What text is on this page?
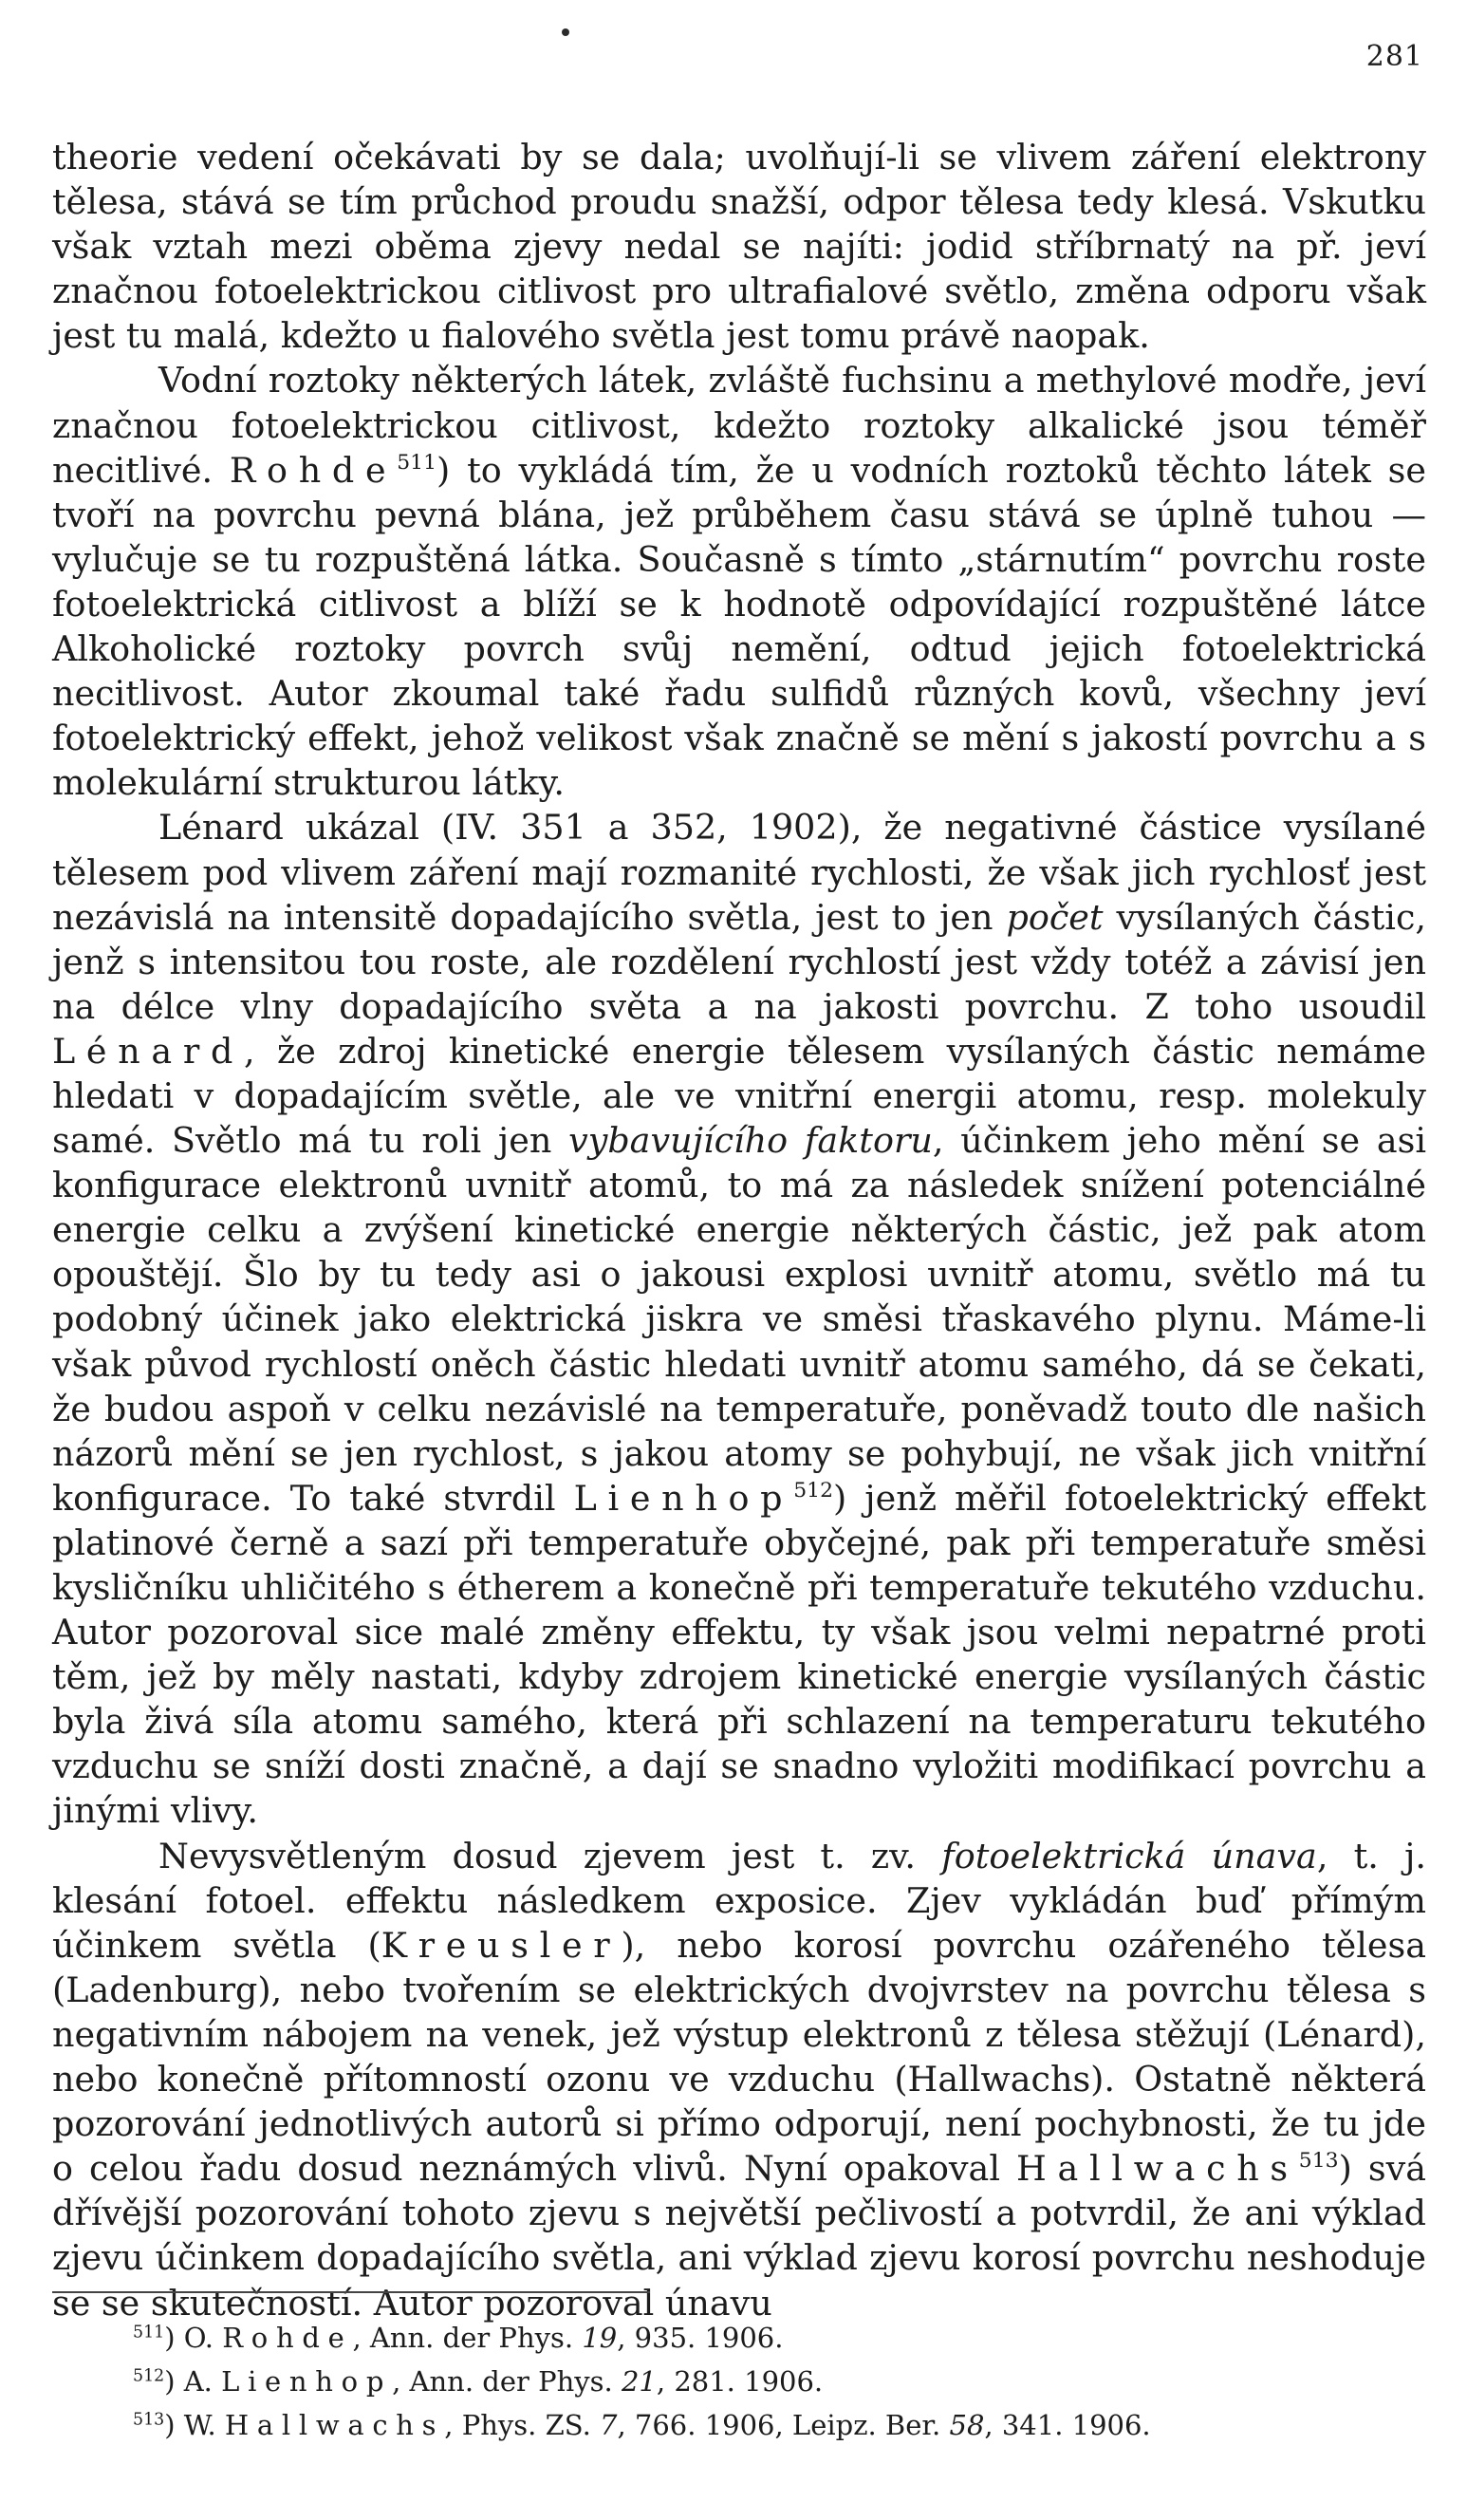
281

theorie vedení očekávati by se dala; uvolňují-li se vlivem záření elektrony tělesa, stává se tím průchod proudu snažší, odpor tělesa tedy klesá. Vskutku však vztah mezi oběma zjevy nedal se najíti: jodid stříbrnatý na př. jeví značnou fotoelektrickou citlivost pro ultrafialové světlo, změna odporu však jest tu malá, kdežto u fialového světla jest tomu právě naopak.

Vodní roztoky některých látek, zvláště fuchsinu a methylové modře, jeví značnou fotoelektrickou citlivost, kdežto roztoky alkalické jsou téměř necitlivé. Rohde$^{511}$) to vykládá tím, že u vodních roztoků těchto látek se tvoří na povrchu pevná blána, jež průběhem času stává se úplně tuhou — vylučuje se tu rozpuštěná látka. Současně s tímto „stárnutím“ povrchu roste fotoelektrická citlivost a blíží se k hodnotě odpovídající rozpuštěné látce Alkoholické roztoky povrch svůj nemění, odtud jejich fotoelektrická necitlivost. Autor zkoumal také řadu sulfidů různých kovů, všechny jeví fotoelektrický effekt, jehož velikost však značně se mění s jakostí povrchu a s molekulární strukturou látky.

Lénard ukázal (IV. 351 a 352, 1902), že negativné částice vysílané tělesem pod vlivem záření mají rozmanité rychlosti, že však jich rychlosť jest nezávislá na intensitě dopadajícího světla, jest to jen počet vysílaných částic, jenž s intensitou tou roste, ale rozdělení rychlostí jest vždy totéž a závisí jen na délce vlny dopadajícího světa a na jakosti povrchu. Z toho usoudil Lénard, že zdroj kinetické energie tělesem vysílaných částic nemáme hledati v dopadajícím světle, ale ve vnitřní energii atomu, resp. molekuly samé. Světlo má tu roli jen vybavujícího faktoru, účinkem jeho mění se asi konfigurace elektronů uvnitř atomů, to má za následek snížení potenciálné energie celku a zvýšení kinetické energie některých částic, jež pak atom opouštějí. Šlo by tu tedy asi o jakousi explosi uvnitř atomu, světlo má tu podobný účinek jako elektrická jiskra ve směsi třaskavého plynu. Máme-li však původ rychlostí oněch částic hledati uvnitř atomu samého, dá se čekati, že budou aspoň v celku nezávislé na temperatuře, poněvadž touto dle našich názorů mění se jen rychlost, s jakou atomy se pohybují, ne však jich vnitřní konfigurace. To také stvrdil Lienhop$^{512}$) jenž měřil fotoelektrický effekt platinové černě a sazí při temperatuře obyčejné, pak při temperatuře směsi kysličníku uhličitého s étherem a konečně při temperatuře tekutého vzduchu. Autor pozoroval sice malé změny effektu, ty však jsou velmi nepatrné proti těm, jež by měly nastati, kdyby zdrojem kinetické energie vysílaných částic byla živá síla atomu samého, která při schlazení na temperaturu tekutého vzduchu se sníží dosti značně, a dají se snadno vyložiti modifikací povrchu a jinými vlivy.

Nevysvětleným dosud zjevem jest t. zv. fotoelektrická únava, t. j. klesání fotoel. effektu následkem exposice. Zjev vykládán buď přímým účinkem světla (Kreusler), nebo korosí povrchu ozářeného tělesa (Ladenburg), nebo tvořením se elektrických dvojvrstev na povrchu tělesa s negativním nábojem na venek, jež výstup elektronů z tělesa stěžují (Lénard), nebo konečně přítomností ozonu ve vzduchu (Hallwachs). Ostatně některá pozorování jednotlivých autorů si přímo odporují, není pochybnosti, že tu jde o celou řadu dosud neznámých vlivů. Nyní opakoval Hallwachs$^{513}$) svá dřívější pozorování tohoto zjevu s největší pečlivostí a potvrdil, že ani výklad zjevu účinkem dopadajícího světla, ani výklad zjevu korosí povrchu neshoduje se se skutečností. Autor pozoroval únavu

$^{511}$) O. Rohde, Ann. der Phys. 19, 935. 1906.
$^{512}$) A. Lienhop, Ann. der Phys. 21, 281. 1906.
$^{513}$) W. Hallwachs, Phys. ZS. 7, 766. 1906, Leipz. Ber. 58, 341. 1906.
